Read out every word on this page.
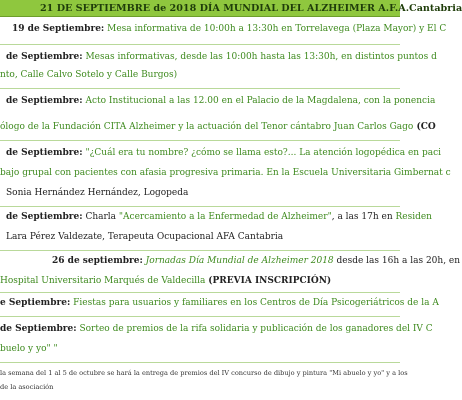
21 DE SEPTIEMBRE de 2018 DÍA MUNDIAL DEL ALZHEIMER A.F.A.Cantabria
19 de Septiembre: Mesa informativa de 10:00h a 13:30h en Torrelavega (Plaza Mayor) y El C
de Septiembre: Mesas informativas, desde las 10:00h hasta las 13:30h, en distintos puntos d
nto, Calle Calvo Sotelo y Calle Burgos)
de Septiembre: Acto Institucional a las 12.00 en el Palacio de la Magdalena, con la ponencia
ólogo de la Fundación CITA Alzheimer y la actuación del Tenor cántabro Juan Carlos Gago (CO
de Septiembre: "¿Cuál era tu nombre? ¿cómo se llama esto?... La atención logopédica en paci
bajo grupal con pacientes con afasia progresiva primaria. En la Escuela Universitaria Gimbernat c
Sonia Hernández Hernández, Logopeda
de Septiembre: Charla "Acercamiento a la Enfermedad de Alzheimer", a las 17h en Residen
Lara Pérez Valdezate, Terapeuta Ocupacional AFA Cantabria
26 de septiembre: Jornadas Día Mundial de Alzheimer 2018 desde las 16h a las 20h, en
Hospital Universitario Marqués de Valdecilla (PREVIA INSCRIPCIÓN)
e Septiembre: Fiestas para usuarios y familiares en los Centros de Día Psicogeriátricos de la A
de Septiembre: Sorteo de premios de la rifa solidaria y publicación de los ganadores del IV C
buelo y yo" "
la semana del 1 al 5 de octubre se hará la entrega de premios del IV concurso de dibujo y pintura "Mi abuelo y yo" y a los
de la asociación
